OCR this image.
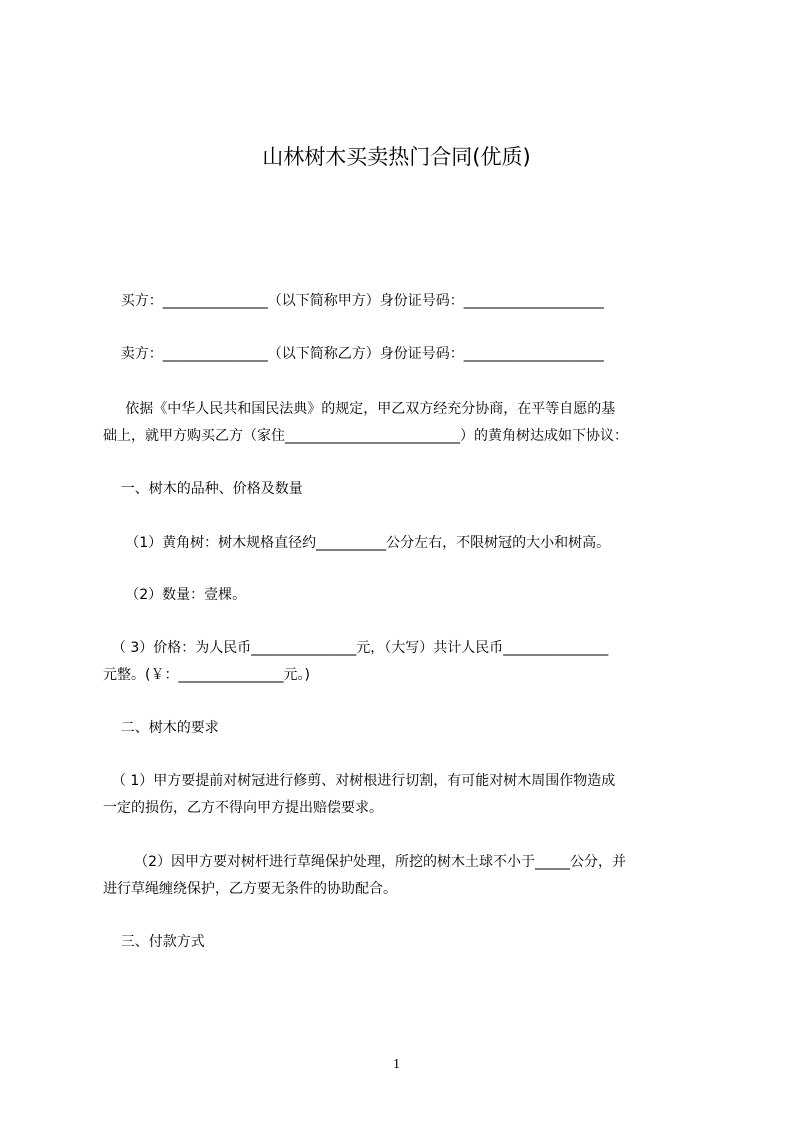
山林树木买卖热门合同(优质)
买方：_______________（以下简称甲方）身份证号码：____________________
卖方：_______________（以下简称乙方）身份证号码：____________________
依据《中华人民共和国民法典》的规定，甲乙双方经充分协商，在平等自愿的基
础上，就甲方购买乙方（家住_________________________）的黄角树达成如下协议：
一、树木的品种、价格及数量
（1）黄角树：树木规格直径约__________公分左右，不限树冠的大小和树高。
（2）数量：壹棵。
（ 3）价格：为人民币_______________元，（大写）共计人民币_______________
元整。(￥：_______________元。)
二、树木的要求
（ 1）甲方要提前对树冠进行修剪、对树根进行切割，有可能对树木周围作物造成
一定的损伤，乙方不得向甲方提出赔偿要求。
（2）因甲方要对树杆进行草绳保护处理，所挖的树木土球不小于_____公分，并
进行草绳缠绕保护，乙方要无条件的协助配合。
三、付款方式
1
